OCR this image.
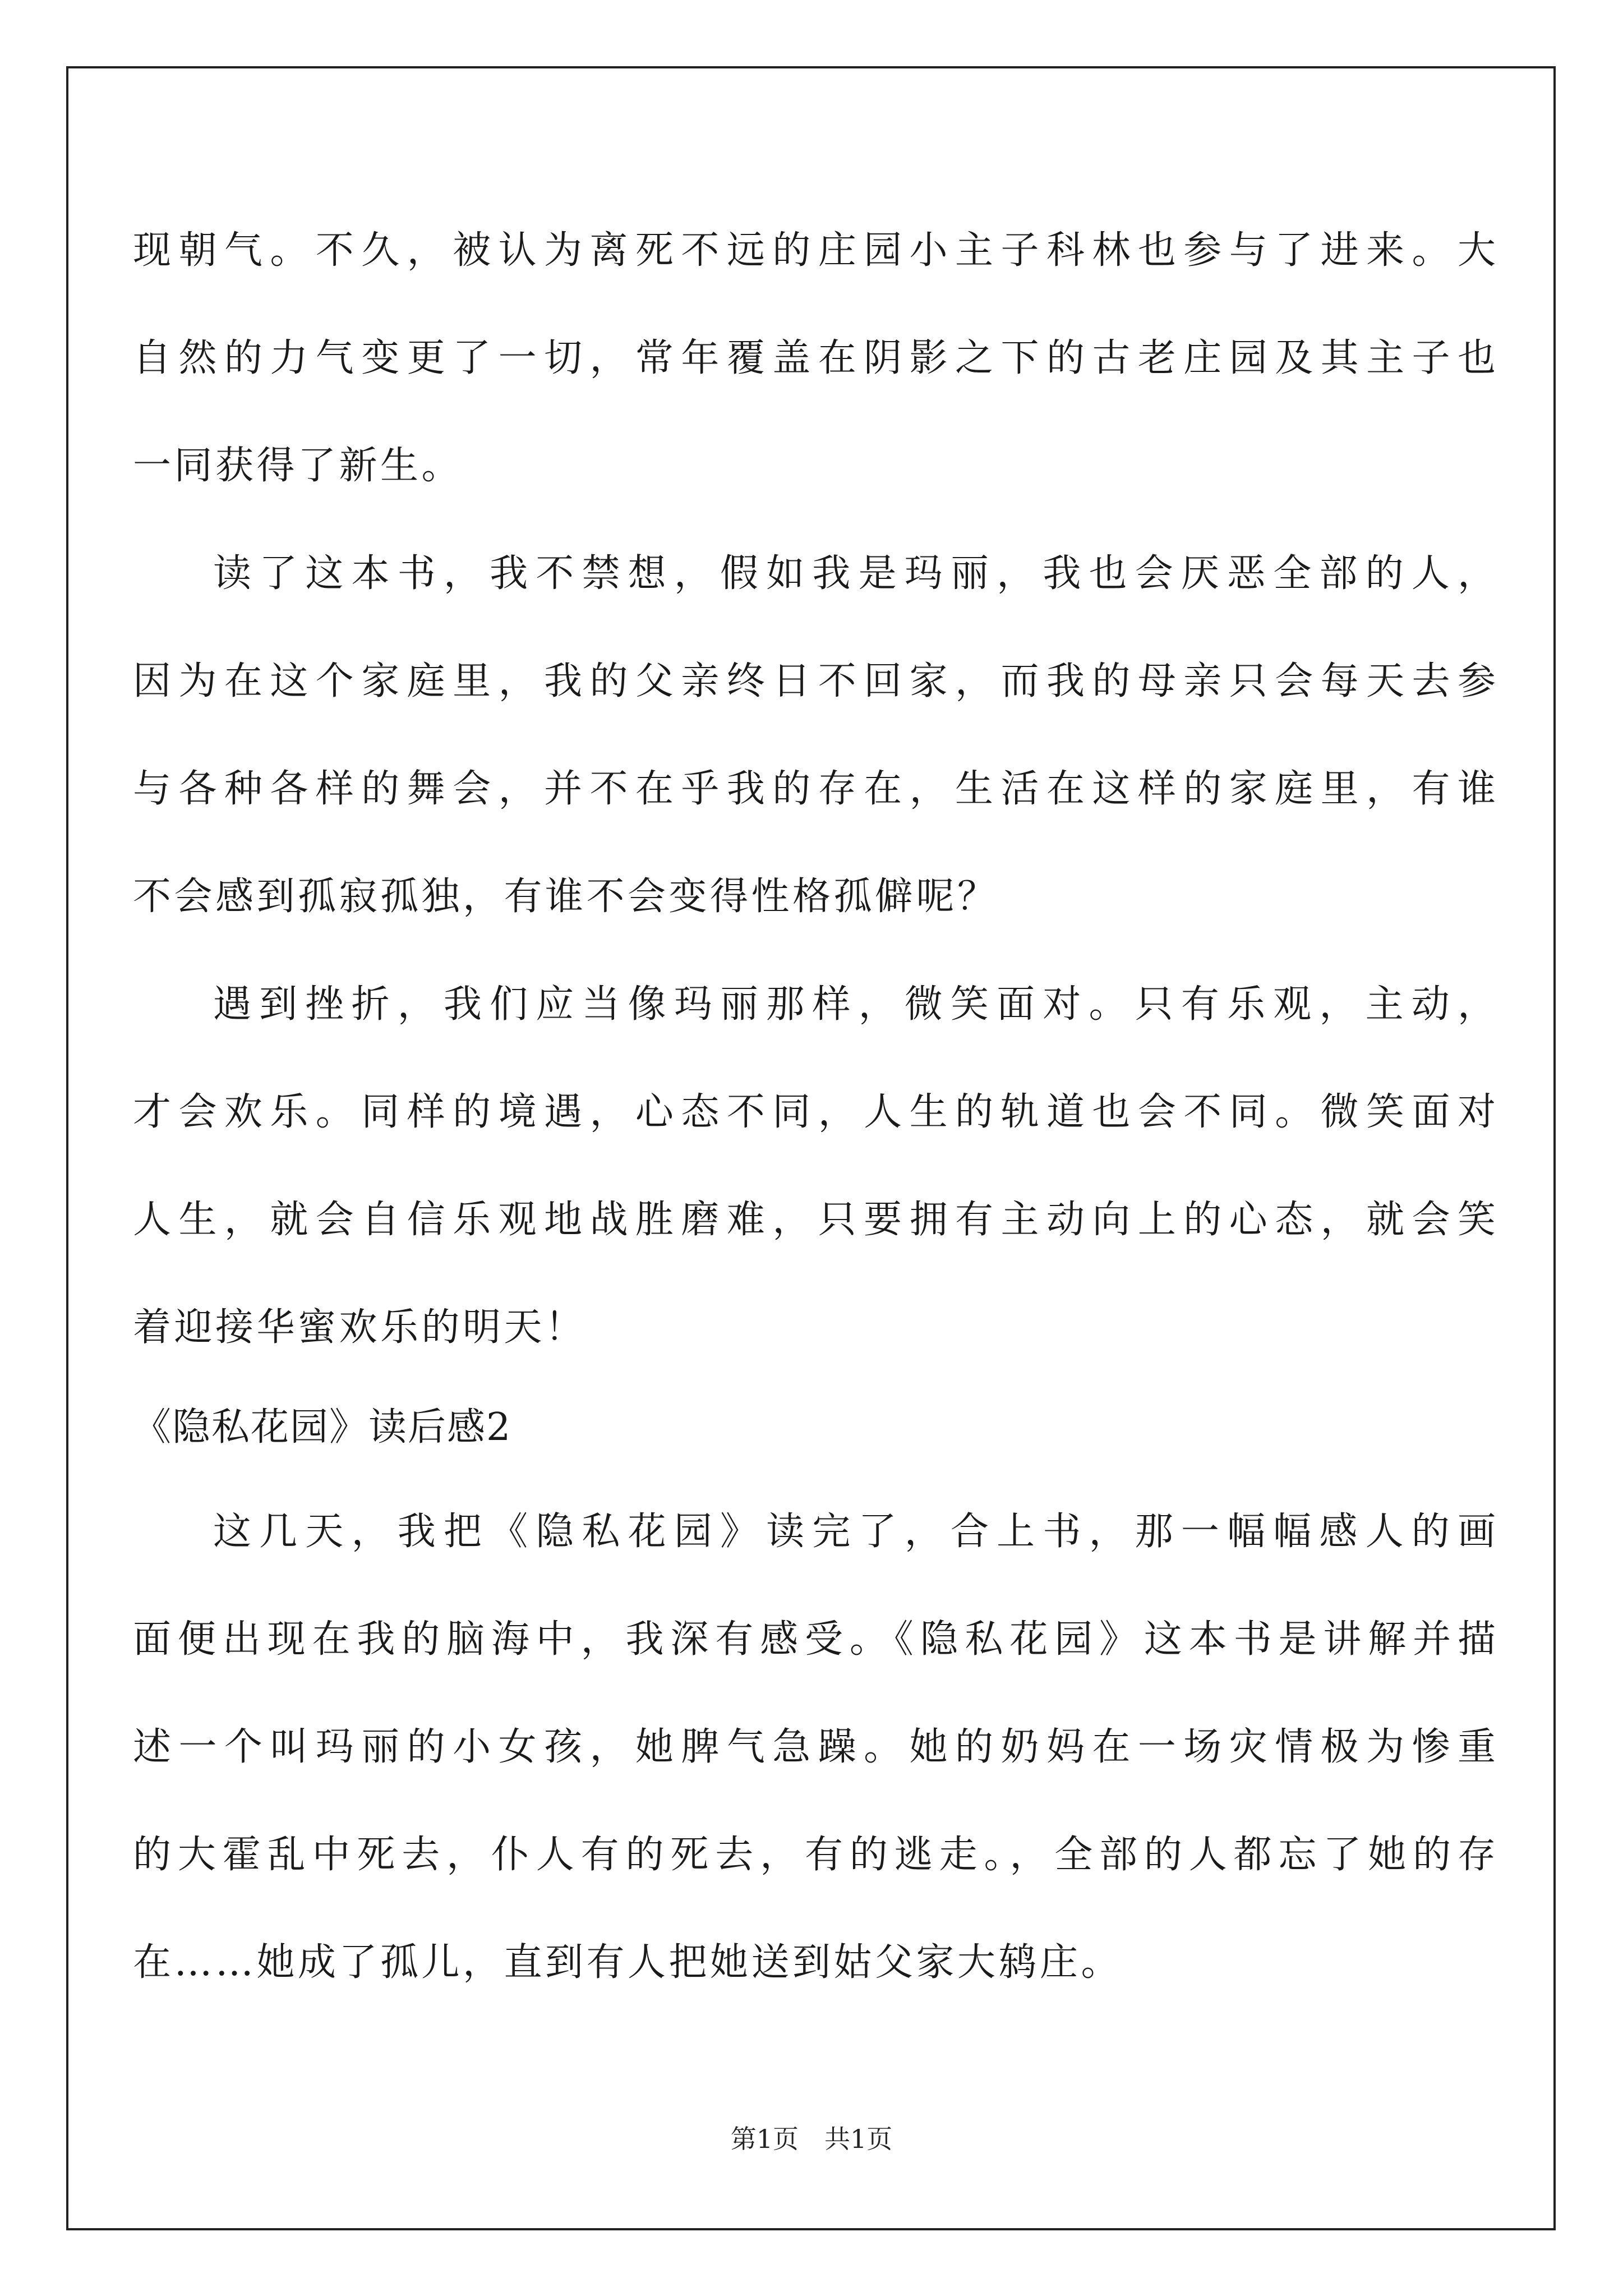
现朝气。不久，被认为离死不远的庄园小主子科林也参与了进来。大
自然的力气变更了一切，常年覆盖在阴影之下的古老庄园及其主子也
一同获得了新生。
读了这本书，我不禁想，假如我是玛丽，我也会厌恶全部的人，
因为在这个家庭里，我的父亲终日不回家，而我的母亲只会每天去参
与各种各样的舞会，并不在乎我的存在，生活在这样的家庭里，有谁
不会感到孤寂孤独，有谁不会变得性格孤僻呢？
遇到挫折，我们应当像玛丽那样，微笑面对。只有乐观，主动，
才会欢乐。同样的境遇，心态不同，人生的轨道也会不同。微笑面对
人生，就会自信乐观地战胜磨难，只要拥有主动向上的心态，就会笑
着迎接华蜜欢乐的明天！
《隐私花园》读后感2
这几天，我把《隐私花园》读完了，合上书，那一幅幅感人的画
面便出现在我的脑海中，我深有感受。《隐私花园》这本书是讲解并描
述一个叫玛丽的小女孩，她脾气急躁。她的奶妈在一场灾情极为惨重
的大霍乱中死去，仆人有的死去，有的逃走。，全部的人都忘了她的存
在……她成了孤儿，直到有人把她送到姑父家大鸫庄。
第1页　共1页
